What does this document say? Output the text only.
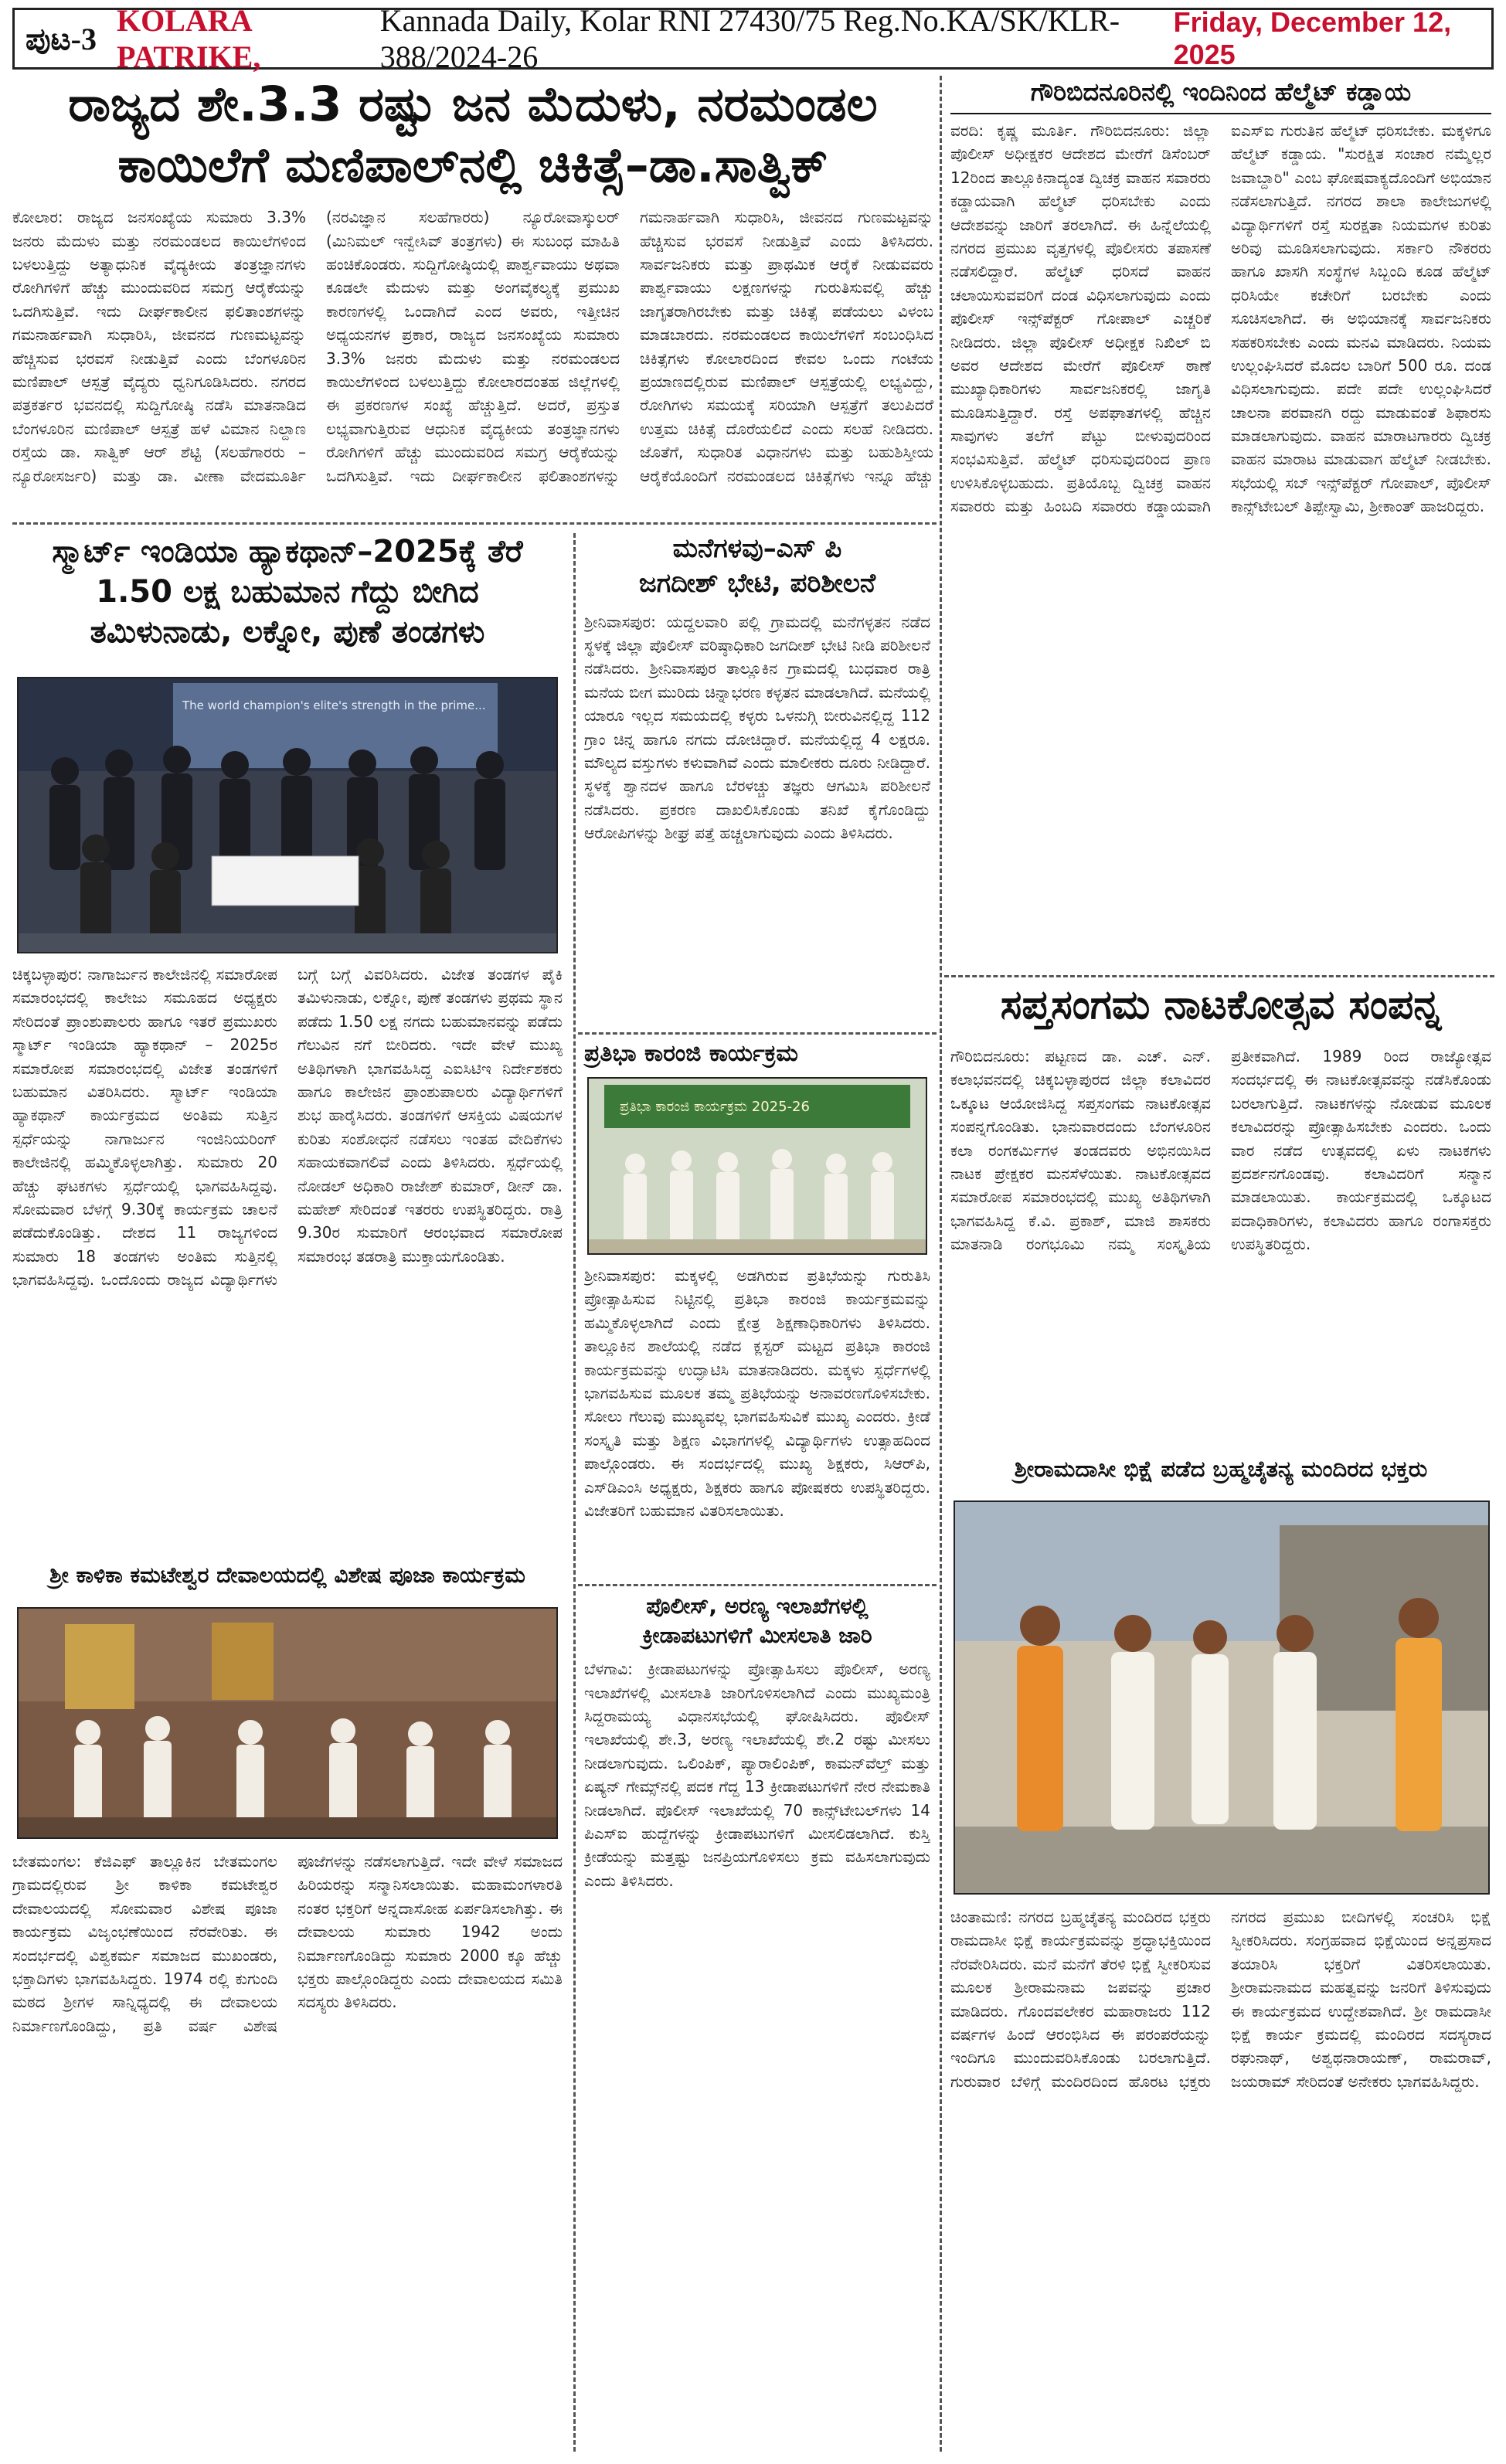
ಪುಟ-3
KOLARA PATRIKE,
Kannada Daily, Kolar RNI 27430/75 Reg.No.KA/SK/KLR-388/2024-26
Friday, December 12, 2025
ರಾಜ್ಯದ ಶೇ.3.3 ರಷ್ಟು ಜನ ಮೆದುಳು, ನರಮಂಡಲ
ಕಾಯಿಲೆಗೆ ಮಣಿಪಾಲ್‌ನಲ್ಲಿ ಚಿಕಿತ್ಸೆ–ಡಾ.ಸಾತ್ವಿಕ್
ಕೋಲಾರ: ರಾಜ್ಯದ ಜನಸಂಖ್ಯೆಯ ಸುಮಾರು 3.3% ಜನರು ಮೆದುಳು ಮತ್ತು ನರಮಂಡಲದ ಕಾಯಿಲೆಗಳಿಂದ ಬಳಲುತ್ತಿದ್ದು ಅತ್ಯಾಧುನಿಕ ವೈದ್ಯಕೀಯ ತಂತ್ರಜ್ಞಾನಗಳು ರೋಗಿಗಳಿಗೆ ಹೆಚ್ಚು ಮುಂದುವರಿದ ಸಮಗ್ರ ಆರೈಕೆಯನ್ನು ಒದಗಿಸುತ್ತಿವೆ. ಇದು ದೀರ್ಘಕಾಲೀನ ಫಲಿತಾಂಶಗಳನ್ನು ಗಮನಾರ್ಹವಾಗಿ ಸುಧಾರಿಸಿ, ಜೀವನದ ಗುಣಮಟ್ಟವನ್ನು ಹೆಚ್ಚಿಸುವ ಭರವಸೆ ನೀಡುತ್ತಿವೆ ಎಂದು ಬೆಂಗಳೂರಿನ ಮಣಿಪಾಲ್ ಆಸ್ಪತ್ರೆ ವೈದ್ಯರು ಧ್ವನಿಗೂಡಿಸಿದರು. ನಗರದ ಪತ್ರಕರ್ತರ ಭವನದಲ್ಲಿ ಸುದ್ದಿಗೋಷ್ಠಿ ನಡೆಸಿ ಮಾತನಾಡಿದ ಬೆಂಗಳೂರಿನ ಮಣಿಪಾಲ್ ಆಸ್ಪತ್ರೆ ಹಳೆ ವಿಮಾನ ನಿಲ್ದಾಣ ರಸ್ತೆಯ ಡಾ. ಸಾತ್ವಿಕ್ ಆರ್ ಶೆಟ್ಟಿ (ಸಲಹೆಗಾರರು – ನ್ಯೂರೋಸರ್ಜರಿ) ಮತ್ತು ಡಾ. ವೀಣಾ ವೇದಮೂರ್ತಿ (ನರವಿಜ್ಞಾನ ಸಲಹೆಗಾರರು) ನ್ಯೂರೋವಾಸ್ಕುಲರ್ (ಮಿನಿಮಲ್ ಇನ್ವೇಸಿವ್ ತಂತ್ರಗಳು) ಈ ಸುಬಂಧ ಮಾಹಿತಿ ಹಂಚಿಕೊಂಡರು. ಸುದ್ದಿಗೋಷ್ಠಿಯಲ್ಲಿ ಪಾರ್ಶ್ವವಾಯು ಅಥವಾ ಕೂಡಲೇ ಮೆದುಳು ಮತ್ತು ಅಂಗವೈಕಲ್ಯಕ್ಕೆ ಪ್ರಮುಖ ಕಾರಣಗಳಲ್ಲಿ ಒಂದಾಗಿದೆ ಎಂದ ಅವರು, ಇತ್ತೀಚಿನ ಅಧ್ಯಯನಗಳ ಪ್ರಕಾರ, ರಾಜ್ಯದ ಜನಸಂಖ್ಯೆಯ ಸುಮಾರು 3.3% ಜನರು ಮೆದುಳು ಮತ್ತು ನರಮಂಡಲದ ಕಾಯಿಲೆಗಳಿಂದ ಬಳಲುತ್ತಿದ್ದು ಕೋಲಾರದಂತಹ ಜಿಲ್ಲೆಗಳಲ್ಲಿ ಈ ಪ್ರಕರಣಗಳ ಸಂಖ್ಯೆ ಹೆಚ್ಚುತ್ತಿದೆ. ಅದರೆ, ಪ್ರಸ್ತುತ ಲಭ್ಯವಾಗುತ್ತಿರುವ ಆಧುನಿಕ ವೈದ್ಯಕೀಯ ತಂತ್ರಜ್ಞಾನಗಳು ರೋಗಿಗಳಿಗೆ ಹೆಚ್ಚು ಮುಂದುವರಿದ ಸಮಗ್ರ ಆರೈಕೆಯನ್ನು ಒದಗಿಸುತ್ತಿವೆ. ಇದು ದೀರ್ಘಕಾಲೀನ ಫಲಿತಾಂಶಗಳನ್ನು ಗಮನಾರ್ಹವಾಗಿ ಸುಧಾರಿಸಿ, ಜೀವನದ ಗುಣಮಟ್ಟವನ್ನು ಹೆಚ್ಚಿಸುವ ಭರವಸೆ ನೀಡುತ್ತಿವೆ ಎಂದು ತಿಳಿಸಿದರು. ಸಾರ್ವಜನಿಕರು ಮತ್ತು ಪ್ರಾಥಮಿಕ ಆರೈಕೆ ನೀಡುವವರು ಪಾರ್ಶ್ವವಾಯು ಲಕ್ಷಣಗಳನ್ನು ಗುರುತಿಸುವಲ್ಲಿ ಹೆಚ್ಚು ಜಾಗೃತರಾಗಿರಬೇಕು ಮತ್ತು ಚಿಕಿತ್ಸೆ ಪಡೆಯಲು ವಿಳಂಬ ಮಾಡಬಾರದು. ನರಮಂಡಲದ ಕಾಯಿಲೆಗಳಿಗೆ ಸಂಬಂಧಿಸಿದ ಚಿಕಿತ್ಸೆಗಳು ಕೋಲಾರದಿಂದ ಕೇವಲ ಒಂದು ಗಂಟೆಯ ಪ್ರಯಾಣದಲ್ಲಿರುವ ಮಣಿಪಾಲ್ ಆಸ್ಪತ್ರೆಯಲ್ಲಿ ಲಭ್ಯವಿದ್ದು, ರೋಗಿಗಳು ಸಮಯಕ್ಕೆ ಸರಿಯಾಗಿ ಆಸ್ಪತ್ರೆಗೆ ತಲುಪಿದರೆ ಉತ್ತಮ ಚಿಕಿತ್ಸೆ ದೊರೆಯಲಿದೆ ಎಂದು ಸಲಹೆ ನೀಡಿದರು. ಜೊತೆಗೆ, ಸುಧಾರಿತ ವಿಧಾನಗಳು ಮತ್ತು ಬಹುಶಿಸ್ತೀಯ ಆರೈಕೆಯೊಂದಿಗೆ ನರಮಂಡಲದ ಚಿಕಿತ್ಸೆಗಳು ಇನ್ನೂ ಹೆಚ್ಚು
ಸ್ಮಾರ್ಟ್ ಇಂಡಿಯಾ ಹ್ಯಾಕಥಾನ್–2025ಕ್ಕೆ ತೆರೆ
1.50 ಲಕ್ಷ ಬಹುಮಾನ ಗೆದ್ದು ಬೀಗಿದ
ತಮಿಳುನಾಡು, ಲಕ್ನೋ, ಪುಣೆ ತಂಡಗಳು
The world champion's elite's strength in the prime...
ಚಿಕ್ಕಬಳ್ಳಾಪುರ: ನಾಗಾರ್ಜುನ ಕಾಲೇಜಿನಲ್ಲಿ ಸಮಾರೋಪ ಸಮಾರಂಭದಲ್ಲಿ ಕಾಲೇಜು ಸಮೂಹದ ಅಧ್ಯಕ್ಷರು ಸೇರಿದಂತೆ ಪ್ರಾಂಶುಪಾಲರು ಹಾಗೂ ಇತರೆ ಪ್ರಮುಖರು ಸ್ಮಾರ್ಟ್ ಇಂಡಿಯಾ ಹ್ಯಾಕಥಾನ್ – 2025ರ ಸಮಾರೋಪ ಸಮಾರಂಭದಲ್ಲಿ ವಿಜೇತ ತಂಡಗಳಿಗೆ ಬಹುಮಾನ ವಿತರಿಸಿದರು. ಸ್ಮಾರ್ಟ್ ಇಂಡಿಯಾ ಹ್ಯಾಕಥಾನ್ ಕಾರ್ಯಕ್ರಮದ ಅಂತಿಮ ಸುತ್ತಿನ ಸ್ಪರ್ಧೆಯನ್ನು ನಾಗಾರ್ಜುನ ಇಂಜಿನಿಯರಿಂಗ್ ಕಾಲೇಜಿನಲ್ಲಿ ಹಮ್ಮಿಕೊಳ್ಳಲಾಗಿತ್ತು. ಸುಮಾರು 20 ಹೆಚ್ಚು ಘಟಕಗಳು ಸ್ಪರ್ಧೆಯಲ್ಲಿ ಭಾಗವಹಿಸಿದ್ದವು. ಸೋಮವಾರ ಬೆಳಗ್ಗೆ 9.30ಕ್ಕೆ ಕಾರ್ಯಕ್ರಮ ಚಾಲನೆ ಪಡೆದುಕೊಂಡಿತ್ತು. ದೇಶದ 11 ರಾಜ್ಯಗಳಿಂದ ಸುಮಾರು 18 ತಂಡಗಳು ಅಂತಿಮ ಸುತ್ತಿನಲ್ಲಿ ಭಾಗವಹಿಸಿದ್ದವು. ಒಂದೊಂದು ರಾಜ್ಯದ ವಿದ್ಯಾರ್ಥಿಗಳು ಬಗ್ಗೆ ಬಗ್ಗೆ ವಿವರಿಸಿದರು. ವಿಜೇತ ತಂಡಗಳ ಪೈಕಿ ತಮಿಳುನಾಡು, ಲಕ್ನೋ, ಪುಣೆ ತಂಡಗಳು ಪ್ರಥಮ ಸ್ಥಾನ ಪಡೆದು 1.50 ಲಕ್ಷ ನಗದು ಬಹುಮಾನವನ್ನು ಪಡೆದು ಗೆಲುವಿನ ನಗೆ ಬೀರಿದರು. ಇದೇ ವೇಳೆ ಮುಖ್ಯ ಅತಿಥಿಗಳಾಗಿ ಭಾಗವಹಿಸಿದ್ದ ಎಐಸಿಟಿಇ ನಿರ್ದೇಶಕರು ಹಾಗೂ ಕಾಲೇಜಿನ ಪ್ರಾಂಶುಪಾಲರು ವಿದ್ಯಾರ್ಥಿಗಳಿಗೆ ಶುಭ ಹಾರೈಸಿದರು. ತಂಡಗಳಿಗೆ ಆಸಕ್ತಿಯ ವಿಷಯಗಳ ಕುರಿತು ಸಂಶೋಧನೆ ನಡೆಸಲು ಇಂತಹ ವೇದಿಕೆಗಳು ಸಹಾಯಕವಾಗಲಿವೆ ಎಂದು ತಿಳಿಸಿದರು. ಸ್ಪರ್ಧೆಯಲ್ಲಿ ನೋಡಲ್ ಅಧಿಕಾರಿ ರಾಜೇಶ್ ಕುಮಾರ್, ಡೀನ್ ಡಾ. ಮಹೇಶ್ ಸೇರಿದಂತೆ ಇತರರು ಉಪಸ್ಥಿತರಿದ್ದರು. ರಾತ್ರಿ 9.30ರ ಸುಮಾರಿಗೆ ಆರಂಭವಾದ ಸಮಾರೋಪ ಸಮಾರಂಭ ತಡರಾತ್ರಿ ಮುಕ್ತಾಯಗೊಂಡಿತು.
ಶ್ರೀ ಕಾಳಿಕಾ ಕಮಟೇಶ್ವರ ದೇವಾಲಯದಲ್ಲಿ ವಿಶೇಷ ಪೂಜಾ ಕಾರ್ಯಕ್ರಮ
ಬೇತಮಂಗಲ: ಕೆಜಿಎಫ್ ತಾಲ್ಲೂಕಿನ ಬೇತಮಂಗಲ ಗ್ರಾಮದಲ್ಲಿರುವ ಶ್ರೀ ಕಾಳಿಕಾ ಕಮಟೇಶ್ವರ ದೇವಾಲಯದಲ್ಲಿ ಸೋಮವಾರ ವಿಶೇಷ ಪೂಜಾ ಕಾರ್ಯಕ್ರಮ ವಿಜೃಂಭಣೆಯಿಂದ ನೆರವೇರಿತು. ಈ ಸಂದರ್ಭದಲ್ಲಿ ವಿಶ್ವಕರ್ಮ ಸಮಾಜದ ಮುಖಂಡರು, ಭಕ್ತಾದಿಗಳು ಭಾಗವಹಿಸಿದ್ದರು. 1974 ರಲ್ಲಿ ಕುಗುಂದಿ ಮಠದ ಶ್ರೀಗಳ ಸಾನ್ನಿಧ್ಯದಲ್ಲಿ ಈ ದೇವಾಲಯ ನಿರ್ಮಾಣಗೊಂಡಿದ್ದು, ಪ್ರತಿ ವರ್ಷ ವಿಶೇಷ ಪೂಜೆಗಳನ್ನು ನಡೆಸಲಾಗುತ್ತಿದೆ. ಇದೇ ವೇಳೆ ಸಮಾಜದ ಹಿರಿಯರನ್ನು ಸನ್ಮಾನಿಸಲಾಯಿತು. ಮಹಾಮಂಗಳಾರತಿ ನಂತರ ಭಕ್ತರಿಗೆ ಅನ್ನದಾಸೋಹ ಏರ್ಪಡಿಸಲಾಗಿತ್ತು. ಈ ದೇವಾಲಯ ಸುಮಾರು 1942 ಅಂದು ನಿರ್ಮಾಣಗೊಂಡಿದ್ದು ಸುಮಾರು 2000 ಕ್ಕೂ ಹೆಚ್ಚು ಭಕ್ತರು ಪಾಲ್ಗೊಂಡಿದ್ದರು ಎಂದು ದೇವಾಲಯದ ಸಮಿತಿ ಸದಸ್ಯರು ತಿಳಿಸಿದರು.
ಮನೆಗಳವು–ಎಸ್ ಪಿ
ಜಗದೀಶ್ ಭೇಟಿ, ಪರಿಶೀಲನೆ
ಶ್ರೀನಿವಾಸಪುರ: ಯದ್ದಲವಾರಿ ಪಲ್ಲಿ ಗ್ರಾಮದಲ್ಲಿ ಮನೆಗಳ್ಳತನ ನಡೆದ ಸ್ಥಳಕ್ಕೆ ಜಿಲ್ಲಾ ಪೊಲೀಸ್ ವರಿಷ್ಠಾಧಿಕಾರಿ ಜಗದೀಶ್ ಭೇಟಿ ನೀಡಿ ಪರಿಶೀಲನೆ ನಡೆಸಿದರು. ಶ್ರೀನಿವಾಸಪುರ ತಾಲ್ಲೂಕಿನ ಗ್ರಾಮದಲ್ಲಿ ಬುಧವಾರ ರಾತ್ರಿ ಮನೆಯ ಬೀಗ ಮುರಿದು ಚಿನ್ನಾಭರಣ ಕಳ್ಳತನ ಮಾಡಲಾಗಿದೆ. ಮನೆಯಲ್ಲಿ ಯಾರೂ ಇಲ್ಲದ ಸಮಯದಲ್ಲಿ ಕಳ್ಳರು ಒಳನುಗ್ಗಿ ಬೀರುವಿನಲ್ಲಿದ್ದ 112 ಗ್ರಾಂ ಚಿನ್ನ ಹಾಗೂ ನಗದು ದೋಚಿದ್ದಾರೆ. ಮನೆಯಲ್ಲಿದ್ದ 4 ಲಕ್ಷರೂ. ಮೌಲ್ಯದ ವಸ್ತುಗಳು ಕಳುವಾಗಿವೆ ಎಂದು ಮಾಲೀಕರು ದೂರು ನೀಡಿದ್ದಾರೆ. ಸ್ಥಳಕ್ಕೆ ಶ್ವಾನದಳ ಹಾಗೂ ಬೆರಳಚ್ಚು ತಜ್ಞರು ಆಗಮಿಸಿ ಪರಿಶೀಲನೆ ನಡೆಸಿದರು. ಪ್ರಕರಣ ದಾಖಲಿಸಿಕೊಂಡು ತನಿಖೆ ಕೈಗೊಂಡಿದ್ದು ಆರೋಪಿಗಳನ್ನು ಶೀಘ್ರ ಪತ್ತೆ ಹಚ್ಚಲಾಗುವುದು ಎಂದು ತಿಳಿಸಿದರು.
ಪ್ರತಿಭಾ ಕಾರಂಜಿ ಕಾರ್ಯಕ್ರಮ
ಪ್ರತಿಭಾ ಕಾರಂಜಿ ಕಾರ್ಯಕ್ರಮ 2025-26
ಶ್ರೀನಿವಾಸಪುರ: ಮಕ್ಕಳಲ್ಲಿ ಅಡಗಿರುವ ಪ್ರತಿಭೆಯನ್ನು ಗುರುತಿಸಿ ಪ್ರೋತ್ಸಾಹಿಸುವ ನಿಟ್ಟಿನಲ್ಲಿ ಪ್ರತಿಭಾ ಕಾರಂಜಿ ಕಾರ್ಯಕ್ರಮವನ್ನು ಹಮ್ಮಿಕೊಳ್ಳಲಾಗಿದೆ ಎಂದು ಕ್ಷೇತ್ರ ಶಿಕ್ಷಣಾಧಿಕಾರಿಗಳು ತಿಳಿಸಿದರು. ತಾಲ್ಲೂಕಿನ ಶಾಲೆಯಲ್ಲಿ ನಡೆದ ಕ್ಲಸ್ಟರ್ ಮಟ್ಟದ ಪ್ರತಿಭಾ ಕಾರಂಜಿ ಕಾರ್ಯಕ್ರಮವನ್ನು ಉದ್ಘಾಟಿಸಿ ಮಾತನಾಡಿದರು. ಮಕ್ಕಳು ಸ್ಪರ್ಧೆಗಳಲ್ಲಿ ಭಾಗವಹಿಸುವ ಮೂಲಕ ತಮ್ಮ ಪ್ರತಿಭೆಯನ್ನು ಅನಾವರಣಗೊಳಿಸಬೇಕು. ಸೋಲು ಗೆಲುವು ಮುಖ್ಯವಲ್ಲ ಭಾಗವಹಿಸುವಿಕೆ ಮುಖ್ಯ ಎಂದರು. ಕ್ರೀಡೆ ಸಂಸ್ಕೃತಿ ಮತ್ತು ಶಿಕ್ಷಣ ವಿಭಾಗಗಳಲ್ಲಿ ವಿದ್ಯಾರ್ಥಿಗಳು ಉತ್ಸಾಹದಿಂದ ಪಾಲ್ಗೊಂಡರು. ಈ ಸಂದರ್ಭದಲ್ಲಿ ಮುಖ್ಯ ಶಿಕ್ಷಕರು, ಸಿಆರ್‌ಪಿ, ಎಸ್‌ಡಿಎಂಸಿ ಅಧ್ಯಕ್ಷರು, ಶಿಕ್ಷಕರು ಹಾಗೂ ಪೋಷಕರು ಉಪಸ್ಥಿತರಿದ್ದರು. ವಿಜೇತರಿಗೆ ಬಹುಮಾನ ವಿತರಿಸಲಾಯಿತು.
ಪೊಲೀಸ್, ಅರಣ್ಯ ಇಲಾಖೆಗಳಲ್ಲಿ
ಕ್ರೀಡಾಪಟುಗಳಿಗೆ ಮೀಸಲಾತಿ ಜಾರಿ
ಬೆಳಗಾವಿ: ಕ್ರೀಡಾಪಟುಗಳನ್ನು ಪ್ರೋತ್ಸಾಹಿಸಲು ಪೊಲೀಸ್, ಅರಣ್ಯ ಇಲಾಖೆಗಳಲ್ಲಿ ಮೀಸಲಾತಿ ಜಾರಿಗೊಳಿಸಲಾಗಿದೆ ಎಂದು ಮುಖ್ಯಮಂತ್ರಿ ಸಿದ್ದರಾಮಯ್ಯ ವಿಧಾನಸಭೆಯಲ್ಲಿ ಘೋಷಿಸಿದರು. ಪೊಲೀಸ್ ಇಲಾಖೆಯಲ್ಲಿ ಶೇ.3, ಅರಣ್ಯ ಇಲಾಖೆಯಲ್ಲಿ ಶೇ.2 ರಷ್ಟು ಮೀಸಲು ನೀಡಲಾಗುವುದು. ಒಲಿಂಪಿಕ್, ಪ್ಯಾರಾಲಿಂಪಿಕ್, ಕಾಮನ್‌ವೆಲ್ತ್ ಮತ್ತು ಏಷ್ಯನ್ ಗೇಮ್ಸ್‌ನಲ್ಲಿ ಪದಕ ಗೆದ್ದ 13 ಕ್ರೀಡಾಪಟುಗಳಿಗೆ ನೇರ ನೇಮಕಾತಿ ನೀಡಲಾಗಿದೆ. ಪೊಲೀಸ್ ಇಲಾಖೆಯಲ್ಲಿ 70 ಕಾನ್ಸ್‌ಟೇಬಲ್‌ಗಳು 14 ಪಿಎಸ್ಐ ಹುದ್ದೆಗಳನ್ನು ಕ್ರೀಡಾಪಟುಗಳಿಗೆ ಮೀಸಲಿಡಲಾಗಿದೆ. ಕುಸ್ತಿ ಕ್ರೀಡೆಯನ್ನು ಮತ್ತಷ್ಟು ಜನಪ್ರಿಯಗೊಳಿಸಲು ಕ್ರಮ ವಹಿಸಲಾಗುವುದು ಎಂದು ತಿಳಿಸಿದರು.
ಗೌರಿಬಿದನೂರಿನಲ್ಲಿ ಇಂದಿನಿಂದ ಹೆಲ್ಮೆಟ್ ಕಡ್ಡಾಯ
ವರದಿ: ಕೃಷ್ಣ ಮೂರ್ತಿ. ಗೌರಿಬಿದನೂರು: ಜಿಲ್ಲಾ ಪೊಲೀಸ್ ಅಧೀಕ್ಷಕರ ಆದೇಶದ ಮೇರೆಗೆ ಡಿಸೆಂಬರ್ 12ರಿಂದ ತಾಲ್ಲೂಕಿನಾದ್ಯಂತ ದ್ವಿಚಕ್ರ ವಾಹನ ಸವಾರರು ಕಡ್ಡಾಯವಾಗಿ ಹೆಲ್ಮೆಟ್ ಧರಿಸಬೇಕು ಎಂದು ಆದೇಶವನ್ನು ಜಾರಿಗೆ ತರಲಾಗಿದೆ. ಈ ಹಿನ್ನೆಲೆಯಲ್ಲಿ ನಗರದ ಪ್ರಮುಖ ವೃತ್ತಗಳಲ್ಲಿ ಪೊಲೀಸರು ತಪಾಸಣೆ ನಡೆಸಲಿದ್ದಾರೆ. ಹೆಲ್ಮೆಟ್ ಧರಿಸದೆ ವಾಹನ ಚಲಾಯಿಸುವವರಿಗೆ ದಂಡ ವಿಧಿಸಲಾಗುವುದು ಎಂದು ಪೊಲೀಸ್ ಇನ್ಸ್‌ಪೆಕ್ಟರ್ ಗೋಪಾಲ್ ಎಚ್ಚರಿಕೆ ನೀಡಿದರು. ಜಿಲ್ಲಾ ಪೊಲೀಸ್ ಅಧೀಕ್ಷಕ ನಿಖಿಲ್ ಬಿ ಅವರ ಆದೇಶದ ಮೇರೆಗೆ ಪೊಲೀಸ್ ಠಾಣೆ ಮುಖ್ಯಾಧಿಕಾರಿಗಳು ಸಾರ್ವಜನಿಕರಲ್ಲಿ ಜಾಗೃತಿ ಮೂಡಿಸುತ್ತಿದ್ದಾರೆ. ರಸ್ತೆ ಅಪಘಾತಗಳಲ್ಲಿ ಹೆಚ್ಚಿನ ಸಾವುಗಳು ತಲೆಗೆ ಪೆಟ್ಟು ಬೀಳುವುದರಿಂದ ಸಂಭವಿಸುತ್ತಿವೆ. ಹೆಲ್ಮೆಟ್ ಧರಿಸುವುದರಿಂದ ಪ್ರಾಣ ಉಳಿಸಿಕೊಳ್ಳಬಹುದು. ಪ್ರತಿಯೊಬ್ಬ ದ್ವಿಚಕ್ರ ವಾಹನ ಸವಾರರು ಮತ್ತು ಹಿಂಬದಿ ಸವಾರರು ಕಡ್ಡಾಯವಾಗಿ ಐಎಸ್‌ಐ ಗುರುತಿನ ಹೆಲ್ಮೆಟ್ ಧರಿಸಬೇಕು. ಮಕ್ಕಳಿಗೂ ಹೆಲ್ಮೆಟ್ ಕಡ್ಡಾಯ. "ಸುರಕ್ಷಿತ ಸಂಚಾರ ನಮ್ಮೆಲ್ಲರ ಜವಾಬ್ದಾರಿ" ಎಂಬ ಘೋಷವಾಕ್ಯದೊಂದಿಗೆ ಅಭಿಯಾನ ನಡೆಸಲಾಗುತ್ತಿದೆ. ನಗರದ ಶಾಲಾ ಕಾಲೇಜುಗಳಲ್ಲಿ ವಿದ್ಯಾರ್ಥಿಗಳಿಗೆ ರಸ್ತೆ ಸುರಕ್ಷತಾ ನಿಯಮಗಳ ಕುರಿತು ಅರಿವು ಮೂಡಿಸಲಾಗುವುದು. ಸರ್ಕಾರಿ ನೌಕರರು ಹಾಗೂ ಖಾಸಗಿ ಸಂಸ್ಥೆಗಳ ಸಿಬ್ಬಂದಿ ಕೂಡ ಹೆಲ್ಮೆಟ್ ಧರಿಸಿಯೇ ಕಚೇರಿಗೆ ಬರಬೇಕು ಎಂದು ಸೂಚಿಸಲಾಗಿದೆ. ಈ ಅಭಿಯಾನಕ್ಕೆ ಸಾರ್ವಜನಿಕರು ಸಹಕರಿಸಬೇಕು ಎಂದು ಮನವಿ ಮಾಡಿದರು. ನಿಯಮ ಉಲ್ಲಂಘಿಸಿದರೆ ಮೊದಲ ಬಾರಿಗೆ 500 ರೂ. ದಂಡ ವಿಧಿಸಲಾಗುವುದು. ಪದೇ ಪದೇ ಉಲ್ಲಂಘಿಸಿದರೆ ಚಾಲನಾ ಪರವಾನಗಿ ರದ್ದು ಮಾಡುವಂತೆ ಶಿಫಾರಸು ಮಾಡಲಾಗುವುದು. ವಾಹನ ಮಾರಾಟಗಾರರು ದ್ವಿಚಕ್ರ ವಾಹನ ಮಾರಾಟ ಮಾಡುವಾಗ ಹೆಲ್ಮೆಟ್ ನೀಡಬೇಕು. ಸಭೆಯಲ್ಲಿ ಸಬ್ ಇನ್ಸ್‌ಪೆಕ್ಟರ್ ಗೋಪಾಲ್, ಪೊಲೀಸ್ ಕಾನ್ಸ್‌ಟೇಬಲ್ ತಿಪ್ಪೇಸ್ವಾಮಿ, ಶ್ರೀಕಾಂತ್ ಹಾಜರಿದ್ದರು.
ಸಪ್ತಸಂಗಮ ನಾಟಕೋತ್ಸವ ಸಂಪನ್ನ
ಗೌರಿಬಿದನೂರು: ಪಟ್ಟಣದ ಡಾ. ಎಚ್. ಎನ್. ಕಲಾಭವನದಲ್ಲಿ ಚಿಕ್ಕಬಳ್ಳಾಪುರದ ಜಿಲ್ಲಾ ಕಲಾವಿದರ ಒಕ್ಕೂಟ ಆಯೋಜಿಸಿದ್ದ ಸಪ್ತಸಂಗಮ ನಾಟಕೋತ್ಸವ ಸಂಪನ್ನಗೊಂಡಿತು. ಭಾನುವಾರದಂದು ಬೆಂಗಳೂರಿನ ಕಲಾ ರಂಗಕರ್ಮಿಗಳ ತಂಡದವರು ಅಭಿನಯಿಸಿದ ನಾಟಕ ಪ್ರೇಕ್ಷಕರ ಮನಸೆಳೆಯಿತು. ನಾಟಕೋತ್ಸವದ ಸಮಾರೋಪ ಸಮಾರಂಭದಲ್ಲಿ ಮುಖ್ಯ ಅತಿಥಿಗಳಾಗಿ ಭಾಗವಹಿಸಿದ್ದ ಕೆ.ವಿ. ಪ್ರಕಾಶ್, ಮಾಜಿ ಶಾಸಕರು ಮಾತನಾಡಿ ರಂಗಭೂಮಿ ನಮ್ಮ ಸಂಸ್ಕೃತಿಯ ಪ್ರತೀಕವಾಗಿದೆ. 1989 ರಿಂದ ರಾಜ್ಯೋತ್ಸವ ಸಂದರ್ಭದಲ್ಲಿ ಈ ನಾಟಕೋತ್ಸವವನ್ನು ನಡೆಸಿಕೊಂಡು ಬರಲಾಗುತ್ತಿದೆ. ನಾಟಕಗಳನ್ನು ನೋಡುವ ಮೂಲಕ ಕಲಾವಿದರನ್ನು ಪ್ರೋತ್ಸಾಹಿಸಬೇಕು ಎಂದರು. ಒಂದು ವಾರ ನಡೆದ ಉತ್ಸವದಲ್ಲಿ ಏಳು ನಾಟಕಗಳು ಪ್ರದರ್ಶನಗೊಂಡವು. ಕಲಾವಿದರಿಗೆ ಸನ್ಮಾನ ಮಾಡಲಾಯಿತು. ಕಾರ್ಯಕ್ರಮದಲ್ಲಿ ಒಕ್ಕೂಟದ ಪದಾಧಿಕಾರಿಗಳು, ಕಲಾವಿದರು ಹಾಗೂ ರಂಗಾಸಕ್ತರು ಉಪಸ್ಥಿತರಿದ್ದರು.
ಶ್ರೀರಾಮದಾಸೀ ಭಿಕ್ಷೆ ಪಡೆದ ಬ್ರಹ್ಮಚೈತನ್ಯ ಮಂದಿರದ ಭಕ್ತರು
ಚಿಂತಾಮಣಿ: ನಗರದ ಬ್ರಹ್ಮಚೈತನ್ಯ ಮಂದಿರದ ಭಕ್ತರು ರಾಮದಾಸೀ ಭಿಕ್ಷೆ ಕಾರ್ಯಕ್ರಮವನ್ನು ಶ್ರದ್ಧಾಭಕ್ತಿಯಿಂದ ನೆರವೇರಿಸಿದರು. ಮನೆ ಮನೆಗೆ ತೆರಳಿ ಭಿಕ್ಷೆ ಸ್ವೀಕರಿಸುವ ಮೂಲಕ ಶ್ರೀರಾಮನಾಮ ಜಪವನ್ನು ಪ್ರಚಾರ ಮಾಡಿದರು. ಗೊಂದವಲೇಕರ ಮಹಾರಾಜರು 112 ವರ್ಷಗಳ ಹಿಂದೆ ಆರಂಭಿಸಿದ ಈ ಪರಂಪರೆಯನ್ನು ಇಂದಿಗೂ ಮುಂದುವರಿಸಿಕೊಂಡು ಬರಲಾಗುತ್ತಿದೆ. ಗುರುವಾರ ಬೆಳಿಗ್ಗೆ ಮಂದಿರದಿಂದ ಹೊರಟ ಭಕ್ತರು ನಗರದ ಪ್ರಮುಖ ಬೀದಿಗಳಲ್ಲಿ ಸಂಚರಿಸಿ ಭಿಕ್ಷೆ ಸ್ವೀಕರಿಸಿದರು. ಸಂಗ್ರಹವಾದ ಭಿಕ್ಷೆಯಿಂದ ಅನ್ನಪ್ರಸಾದ ತಯಾರಿಸಿ ಭಕ್ತರಿಗೆ ವಿತರಿಸಲಾಯಿತು. ಶ್ರೀರಾಮನಾಮದ ಮಹತ್ವವನ್ನು ಜನರಿಗೆ ತಿಳಿಸುವುದು ಈ ಕಾರ್ಯಕ್ರಮದ ಉದ್ದೇಶವಾಗಿದೆ. ಶ್ರೀ ರಾಮದಾಸೀ ಭಿಕ್ಷೆ ಕಾರ್ಯ ಕ್ರಮದಲ್ಲಿ ಮಂದಿರದ ಸದಸ್ಯರಾದ ರಘುನಾಥ್, ಅಶ್ವಥನಾರಾಯಣ್, ರಾಮರಾವ್, ಜಯರಾಮ್ ಸೇರಿದಂತೆ ಅನೇಕರು ಭಾಗವಹಿಸಿದ್ದರು.
